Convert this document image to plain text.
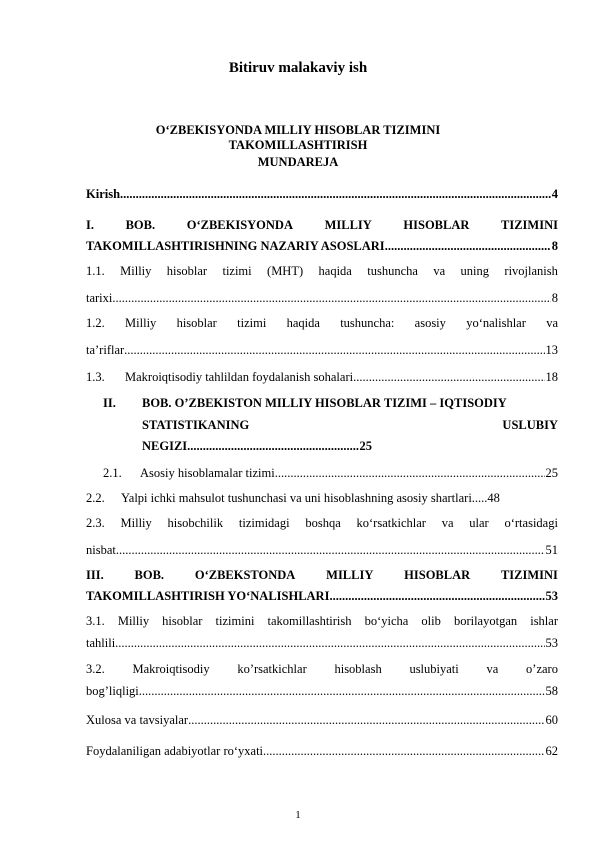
Bitiruv malakaviy ish
O‘ZBEKISYONDA MILLIY HISOBLAR TIZIMINI
TAKOMILLASHTIRISH
MUNDAREJA
Kirish .....	4
I.	BOB.	O‘ZBEKISYONDA	MILLIY	HISOBLAR	TIZIMINI
TAKOMILLASHTIRISHNING NAZARIY ASOSLARI .....	8
1.1. Milliy hisoblar tizimi (MHT) haqida tushuncha va uning rivojlanish
tarixi .....	8
1.2. Milliy hisoblar tizimi haqida tushuncha: asosiy yo‘nalishlar va
ta’riflar .....	13
1.3.	Makroiqtisodiy tahlildan foydalanish sohalari .....	18
II. BOB. O’ZBEKISTON MILLIY HISOBLAR TIZIMI – IQTISODIY
STATISTIKANING	USLUBIY
NEGIZI .....	25
2.1.	Asosiy hisoblamalar tizimi .....	25
2.2. Yalpi ichki mahsulot tushunchasi va uni hisoblashning asosiy shartlari.....48
2.3. Milliy hisobchilik tizimidagi boshqa ko‘rsatkichlar va ular o‘rtasidagi
nisbat .....	51
III. BOB. O‘ZBEKSTONDA MILLIY HISOBLAR TIZIMINI
TAKOMILLASHTIRISH YO‘NALISHLARI .....	53
3.1. Milliy hisoblar tizimini takomillashtirish bo‘yicha olib borilayotgan ishlar
tahlili .....	53
3.2. Makroiqtisodiy ko’rsatkichlar hisoblash uslubiyati va o’zaro
bog’liqligi .....	58
Xulosa va tavsiyalar .....	60
Foydalaniligan adabiyotlar ro‘yxati .....	62
1
